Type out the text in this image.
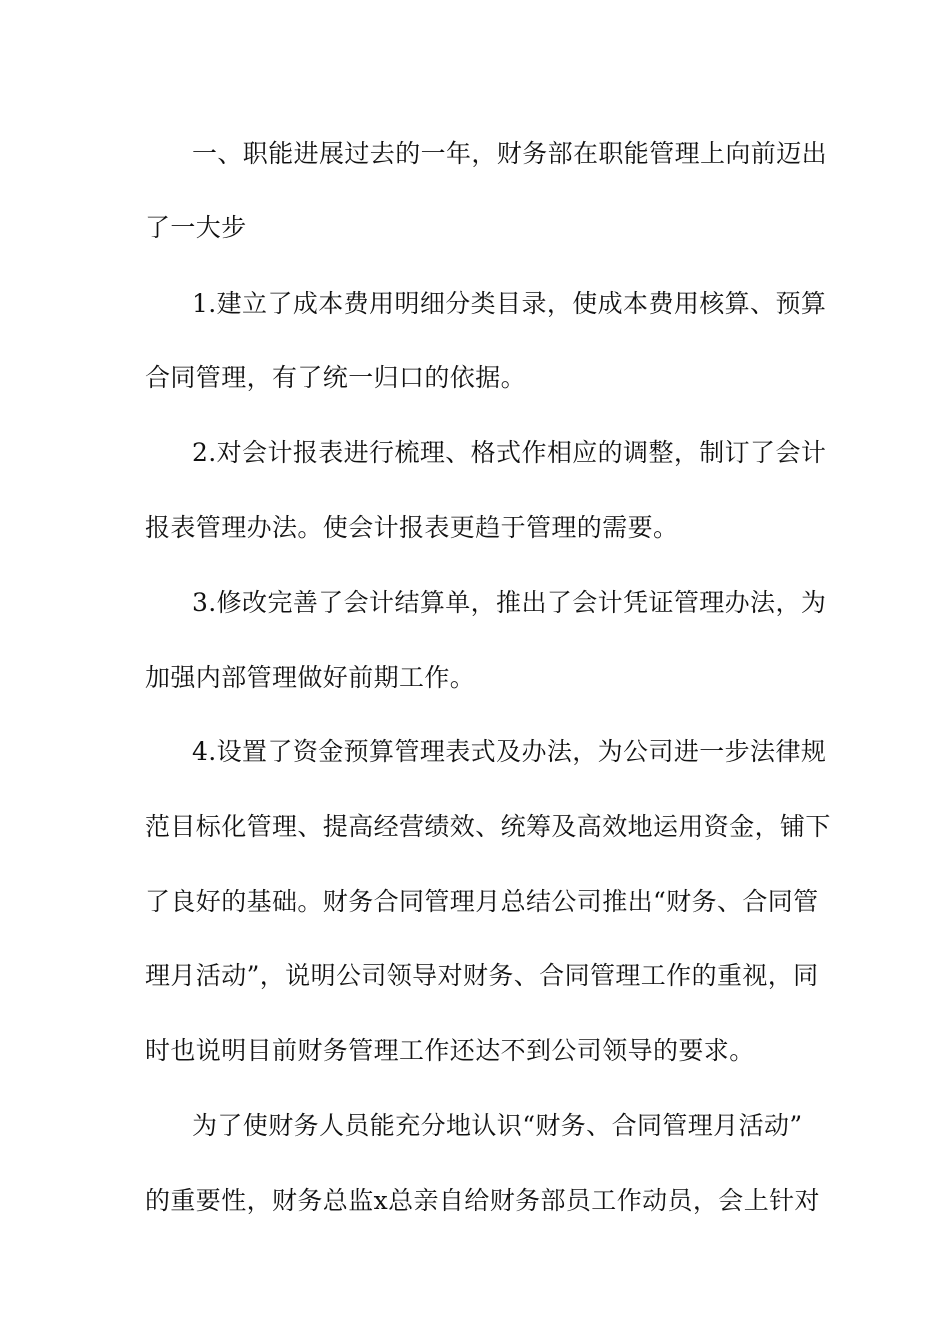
一、职能进展过去的一年，财务部在职能管理上向前迈出
了一大步
1.建立了成本费用明细分类目录，使成本费用核算、预算
合同管理，有了统一归口的依据。
2.对会计报表进行梳理、格式作相应的调整，制订了会计
报表管理办法。使会计报表更趋于管理的需要。
3.修改完善了会计结算单，推出了会计凭证管理办法，为
加强内部管理做好前期工作。
4.设置了资金预算管理表式及办法，为公司进一步法律规
范目标化管理、提高经营绩效、统筹及高效地运用资金，铺下
了良好的基础。财务合同管理月总结公司推出“财务、合同管
理月活动”，说明公司领导对财务、合同管理工作的重视，同
时也说明目前财务管理工作还达不到公司领导的要求。
为了使财务人员能充分地认识“财务、合同管理月活动”
的重要性，财务总监x总亲自给财务部员工作动员，会上针对
